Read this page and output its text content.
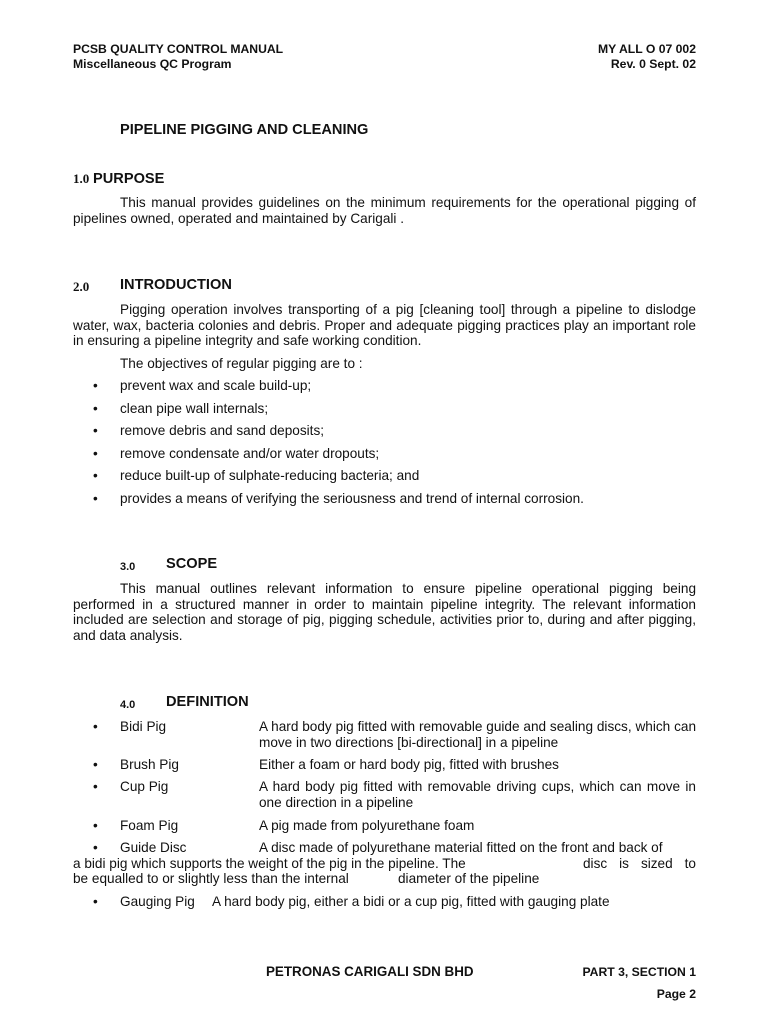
PCSB QUALITY CONTROL MANUAL
Miscellaneous QC Program
MY ALL O 07 002
Rev. 0 Sept. 02
PIPELINE PIGGING AND CLEANING
1.0 PURPOSE
This manual provides guidelines on the minimum requirements for the operational pigging of pipelines owned, operated and maintained by Carigali .
2.0 INTRODUCTION
Pigging operation involves transporting of a pig [cleaning tool] through a pipeline to dislodge water, wax, bacteria colonies and debris. Proper and adequate pigging practices play an important role in ensuring a pipeline integrity and safe working condition.
The objectives of regular pigging are to :
• prevent wax and scale build-up;
• clean pipe wall internals;
• remove debris and sand deposits;
• remove condensate and/or water dropouts;
• reduce built-up of sulphate-reducing bacteria; and
• provides a means of verifying the seriousness and trend of internal corrosion.
3.0 SCOPE
This manual outlines relevant information to ensure pipeline operational pigging being performed in a structured manner in order to maintain pipeline integrity. The relevant information included are selection and storage of pig, pigging schedule, activities prior to, during and after pigging, and data analysis.
4.0 DEFINITION
• Bidi Pig	A hard body pig fitted with removable guide and sealing discs, which can move in two directions [bi-directional] in a pipeline
• Brush Pig	Either a foam or hard body pig, fitted with brushes
• Cup Pig	A hard body pig fitted with removable driving cups, which can move in one direction in a pipeline
• Foam Pig	A pig made from polyurethane foam
• Guide Disc	A disc made of polyurethane material fitted on the front and back of
a bidi pig which supports the weight of the pig in the pipeline. The	disc is sized to
be equalled to or slightly less than the internal	diameter of the pipeline
• Gauging Pig A hard body pig, either a bidi or a cup pig, fitted with gauging plate
PETRONAS CARIGALI SDN BHD	PART 3, SECTION 1
Page 2
